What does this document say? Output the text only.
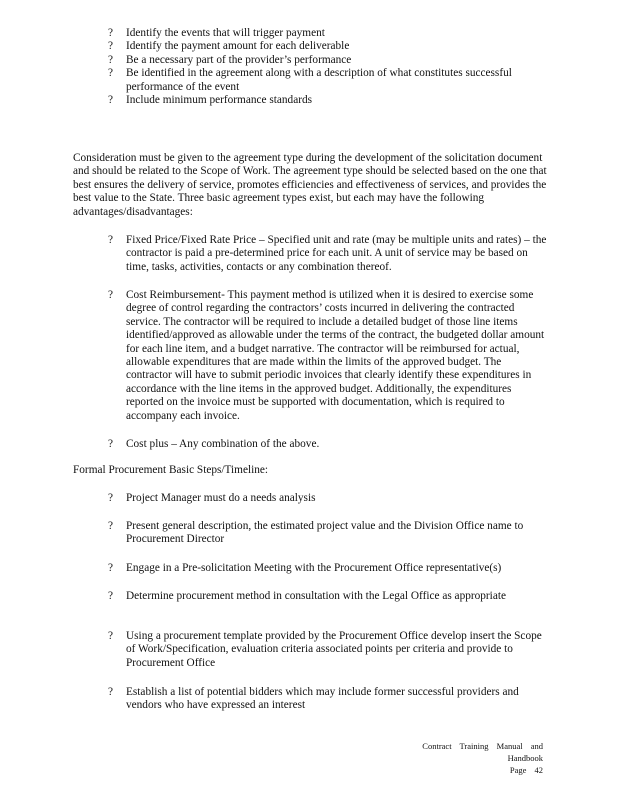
?	Identify the events that will trigger payment
?	Identify the payment amount for each deliverable
?	Be a necessary part of the provider’s performance
?	Be identified in the agreement along with a description of what constitutes successful performance of the event
?	Include minimum performance standards
Consideration must be given to the agreement type during the development of the solicitation document and should be related to the Scope of Work. The agreement type should be selected based on the one that best ensures the delivery of service, promotes efficiencies and effectiveness of services, and provides the best value to the State. Three basic agreement types exist, but each may have the following advantages/disadvantages:
?	Fixed Price/Fixed Rate Price – Specified unit and rate (may be multiple units and rates) – the contractor is paid a pre-determined price for each unit. A unit of service may be based on time, tasks, activities, contacts or any combination thereof.
?	Cost Reimbursement- This payment method is utilized when it is desired to exercise some degree of control regarding the contractors’ costs incurred in delivering the contracted service. The contractor will be required to include a detailed budget of those line items identified/approved as allowable under the terms of the contract, the budgeted dollar amount for each line item, and a budget narrative. The contractor will be reimbursed for actual, allowable expenditures that are made within the limits of the approved budget. The contractor will have to submit periodic invoices that clearly identify these expenditures in accordance with the line items in the approved budget. Additionally, the expenditures reported on the invoice must be supported with documentation, which is required to accompany each invoice.
?	Cost plus – Any combination of the above.
Formal Procurement Basic Steps/Timeline:
?	Project Manager must do a needs analysis
?	Present general description, the estimated project value and the Division Office name to Procurement Director
?	Engage in a Pre-solicitation Meeting with the Procurement Office representative(s)
?	Determine procurement method in consultation with the Legal Office as appropriate
?	Using a procurement template provided by the Procurement Office develop insert the Scope of Work/Specification, evaluation criteria associated points per criteria and provide to Procurement Office
?	Establish a list of potential bidders which may include former successful providers and vendors who have expressed an interest
Contract Training Manual and Handbook
Page 42
